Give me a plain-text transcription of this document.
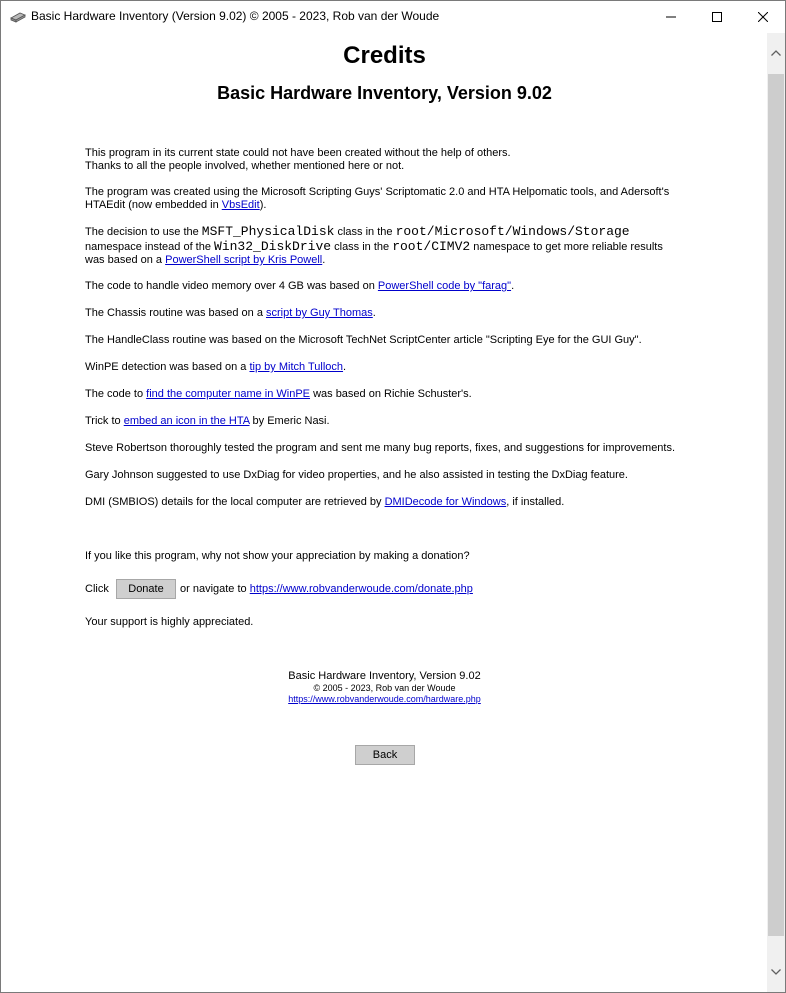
Basic Hardware Inventory (Version 9.02) © 2005 - 2023, Rob van der Woude
Credits
Basic Hardware Inventory, Version 9.02
This program in its current state could not have been created without the help of others.
Thanks to all the people involved, whether mentioned here or not.
The program was created using the Microsoft Scripting Guys' Scriptomatic 2.0 and HTA Helpomatic tools, and Adersoft's HTAEdit (now embedded in VbsEdit).
The decision to use the MSFT_PhysicalDisk class in the root/Microsoft/Windows/Storage namespace instead of the Win32_DiskDrive class in the root/CIMV2 namespace to get more reliable results was based on a PowerShell script by Kris Powell.
The code to handle video memory over 4 GB was based on PowerShell code by "farag".
The Chassis routine was based on a script by Guy Thomas.
The HandleClass routine was based on the Microsoft TechNet ScriptCenter article "Scripting Eye for the GUI Guy".
WinPE detection was based on a tip by Mitch Tulloch.
The code to find the computer name in WinPE was based on Richie Schuster's.
Trick to embed an icon in the HTA by Emeric Nasi.
Steve Robertson thoroughly tested the program and sent me many bug reports, fixes, and suggestions for improvements.
Gary Johnson suggested to use DxDiag for video properties, and he also assisted in testing the DxDiag feature.
DMI (SMBIOS) details for the local computer are retrieved by DMIDecode for Windows, if installed.
If you like this program, why not show your appreciation by making a donation?
Click	Donate	or navigate to https://www.robvanderwoude.com/donate.php
Your support is highly appreciated.
Basic Hardware Inventory, Version 9.02
© 2005 - 2023, Rob van der Woude
https://www.robvanderwoude.com/hardware.php
Back
